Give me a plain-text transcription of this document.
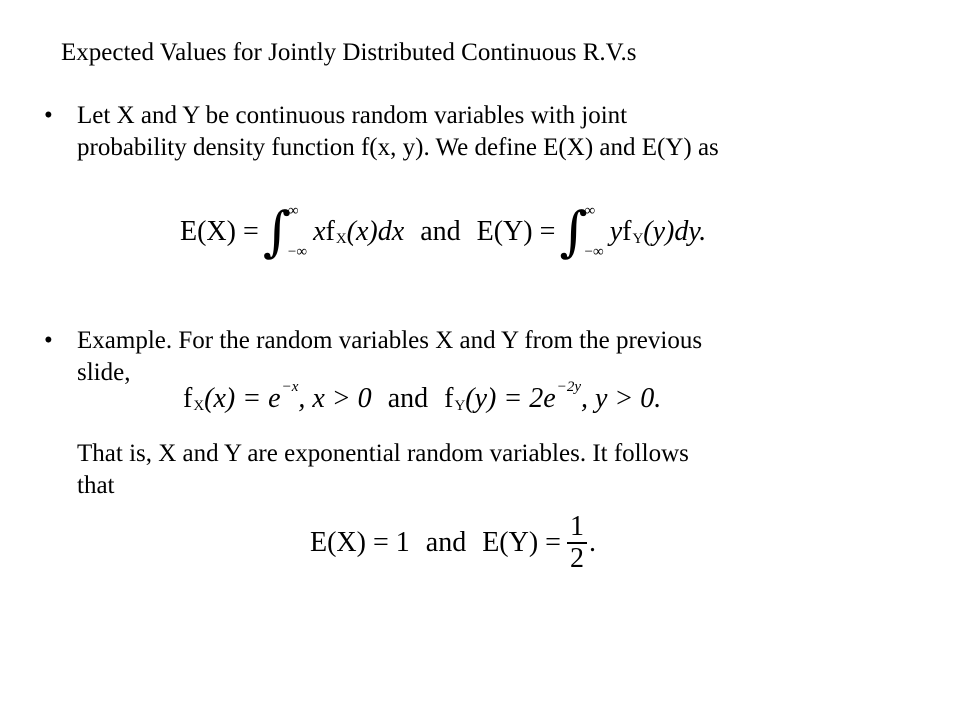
Expected Values for Jointly Distributed Continuous R.V.s
• Let X and Y be continuous random variables with joint
probability density function f(x, y). We define E(X) and E(Y) as
E(X) = ∫
∞
−∞
x f X (x)dx and E(Y) = ∫
∞
−∞
y f Y (y)dy.
• Example. For the random variables X and Y from the previous
slide,
f X (x) = e −x , x > 0 and f Y (y) = 2e −2y , y > 0.
That is, X and Y are exponential random variables. It follows
that
E(X) = 1 and $E(Y) = \frac{1}{2}$ .
